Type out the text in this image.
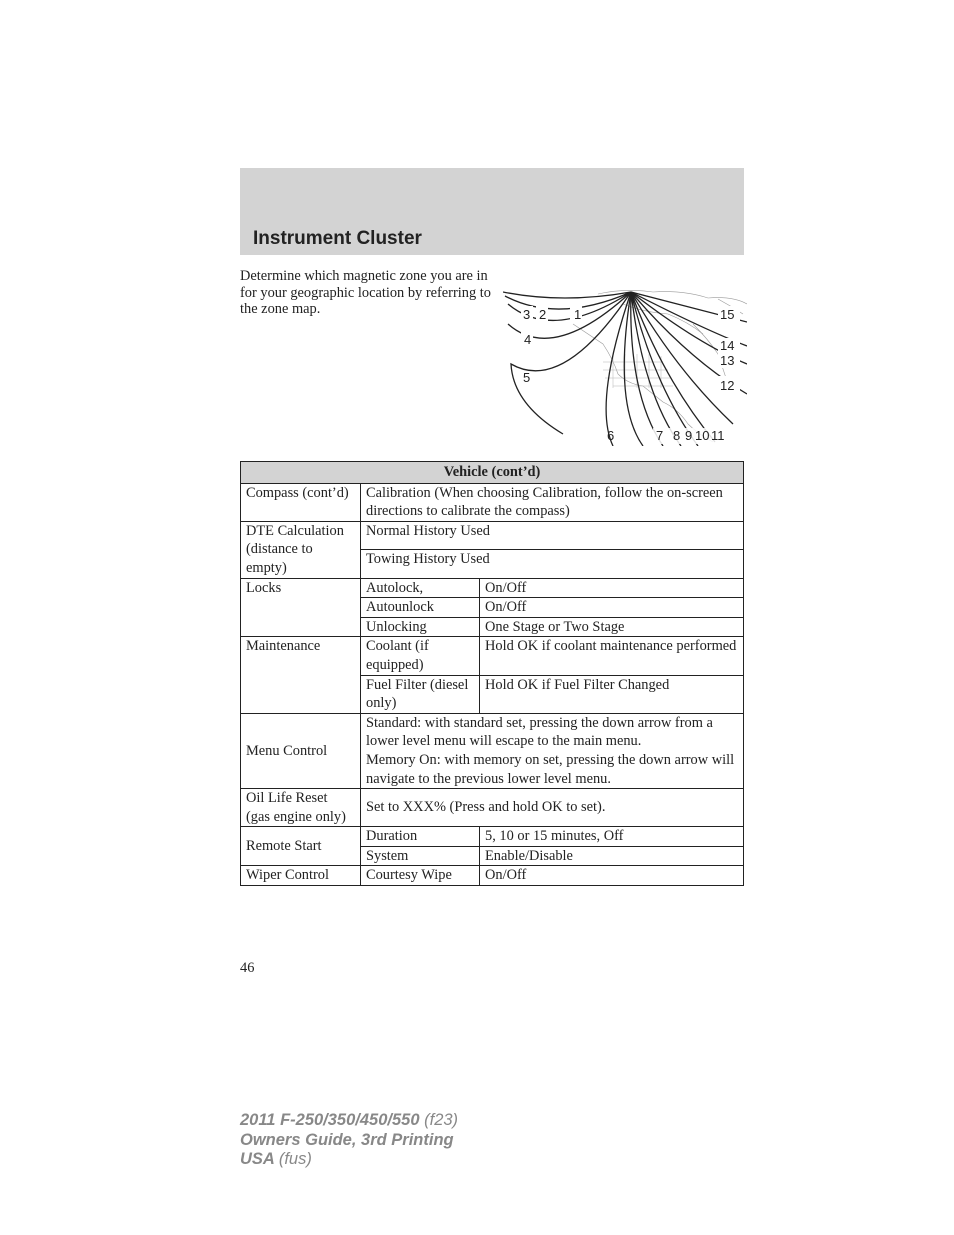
Instrument Cluster

Determine which magnetic zone you are in for your geographic location by referring to the zone map.	1
2
3
4
5
6	7 8 9 10 11
12
13
14
15
Vehicle (cont’d)		
Compass (cont’d)	Calibration (When choosing Calibration, follow the on-screen directions to calibrate the compass)	
DTE Calculation (distance to empty)	Normal History Used	
	Towing History Used	
Locks	Autolock,	On/Off
	Autounlock	On/Off
	Unlocking	One Stage or Two Stage
Maintenance	Coolant (if equipped)	Hold OK if coolant maintenance performed
	Fuel Filter (diesel only)	Hold OK if Fuel Filter Changed
Menu Control	Standard: with standard set, pressing the down arrow from a lower level menu will escape to the main menu.
Memory On: with memory on set, pressing the down arrow will navigate to the previous lower level menu.	

Oil Life Reset (gas engine only)	Set to XXX% (Press and hold OK to set).	
Remote Start	Duration	5, 10 or 15 minutes, Off
	System	Enable/Disable
Wiper Control	Courtesy Wipe	On/Off
46
2011 F-250/350/450/550 (f23)
Owners Guide, 3rd Printing
USA (fus)
